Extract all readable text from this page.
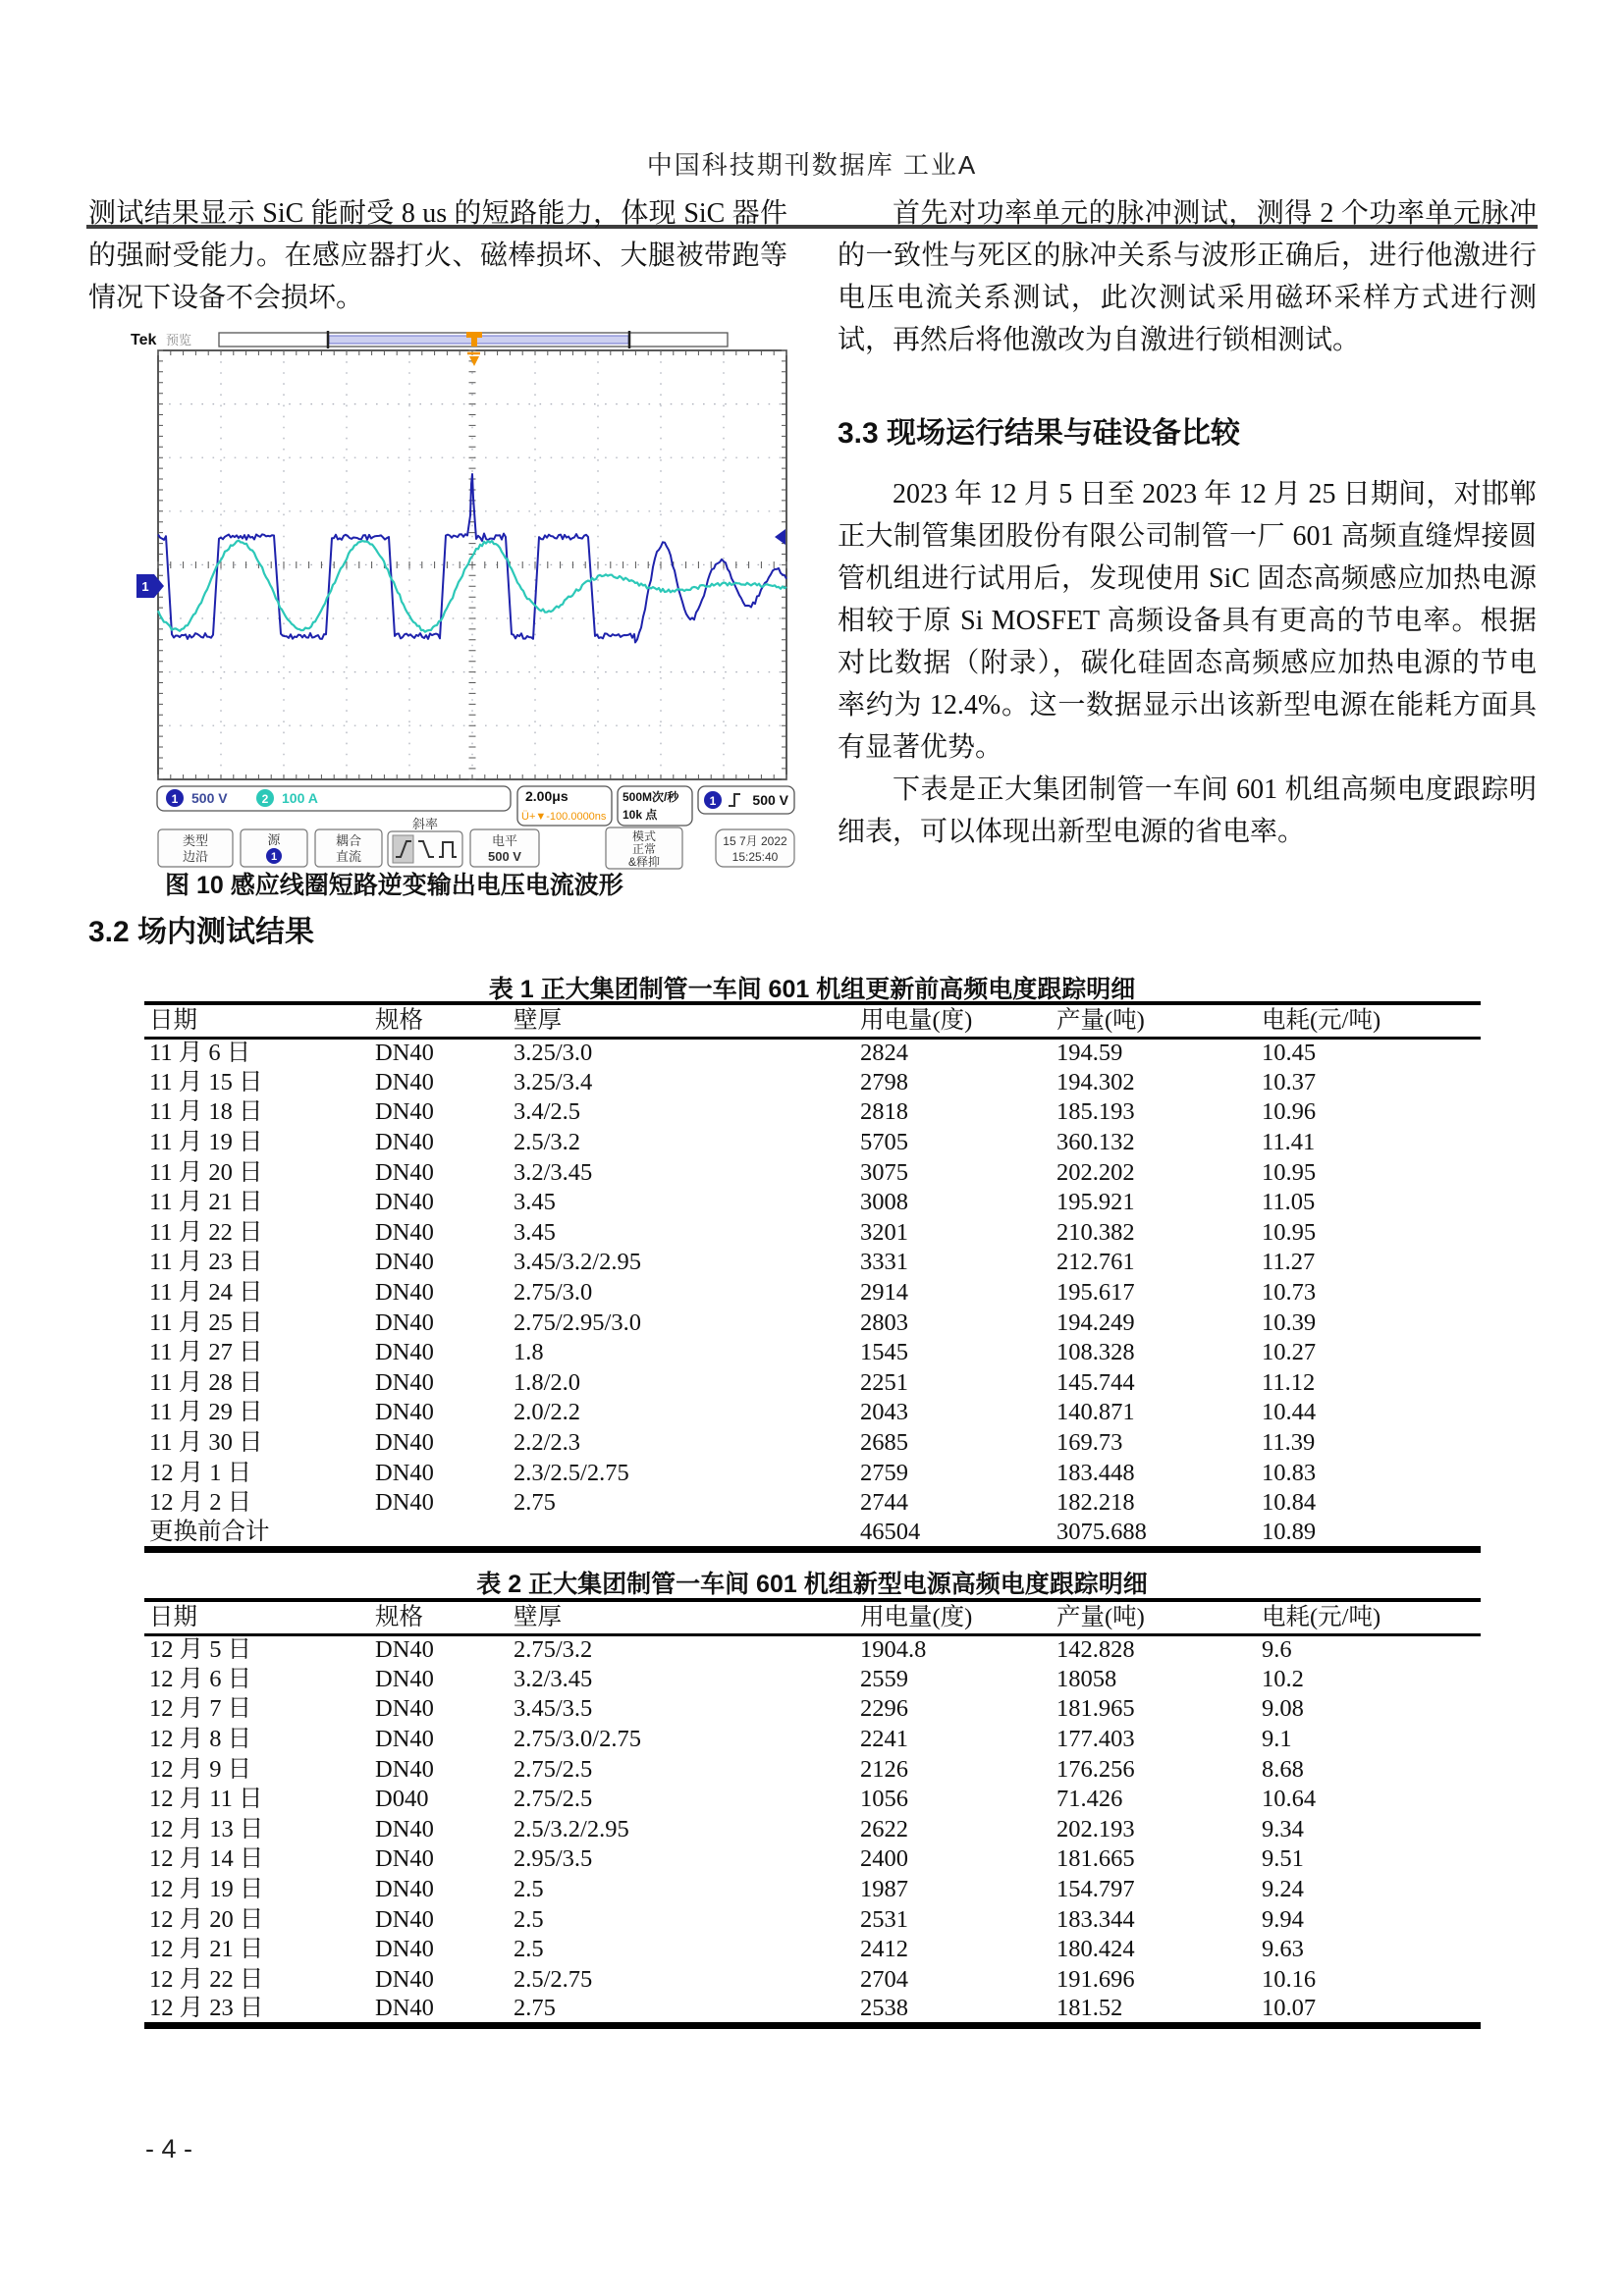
中国科技期刊数据库 工业A

测试结果显示 SiC 能耐受 8 us 的短路能力，体现 SiC 器件的强耐受能力。在感应器打火、磁棒损坏、大腿被带跑等情况下设备不会损坏。

首先对功率单元的脉冲测试，测得 2 个功率单元脉冲的一致性与死区的脉冲关系与波形正确后，进行他激进行电压电流关系测试，此次测试采用磁环采样方式进行测试，再然后将他激改为自激进行锁相测试。

3.3 现场运行结果与硅设备比较

2023 年 12 月 5 日至 2023 年 12 月 25 日期间，对邯郸正大制管集团股份有限公司制管一厂 601 高频直缝焊接圆管机组进行试用后，发现使用 SiC 固态高频感应加热电源相较于原 Si MOSFET 高频设备具有更高的节电率。根据对比数据（附录），碳化硅固态高频感应加热电源的节电率约为 12.4%。这一数据显示出该新型电源在能耗方面具有显著优势。

下表是正大集团制管一车间 601 机组高频电度跟踪明细表，可以体现出新型电源的省电率。

Tek 预览
1
1 500 V	2 100 A	2.00μs
Ü+▼-100.0000ns
500M次/秒
10k 点
1	500 V
类型
边沿
源
1
耦合
直流
斜率
电平
500 V
模式
正常
&释抑
15 7月 2022
15:25:40
图 10 感应线圈短路逆变输出电压电流波形
3.2 场内测试结果
表 1 正大集团制管一车间 601 机组更新前高频电度跟踪明细
日期	规格	壁厚	用电量(度)	产量(吨)	电耗(元/吨)
11 月 6 日	DN40	3.25/3.0	2824	194.59	10.45
11 月 15 日	DN40	3.25/3.4	2798	194.302	10.37
11 月 18 日	DN40	3.4/2.5	2818	185.193	10.96
11 月 19 日	DN40	2.5/3.2	5705	360.132	11.41
11 月 20 日	DN40	3.2/3.45	3075	202.202	10.95
11 月 21 日	DN40	3.45	3008	195.921	11.05
11 月 22 日	DN40	3.45	3201	210.382	10.95
11 月 23 日	DN40	3.45/3.2/2.95	3331	212.761	11.27
11 月 24 日	DN40	2.75/3.0	2914	195.617	10.73
11 月 25 日	DN40	2.75/2.95/3.0	2803	194.249	10.39
11 月 27 日	DN40	1.8	1545	108.328	10.27
11 月 28 日	DN40	1.8/2.0	2251	145.744	11.12
11 月 29 日	DN40	2.0/2.2	2043	140.871	10.44
11 月 30 日	DN40	2.2/2.3	2685	169.73	11.39
12 月 1 日	DN40	2.3/2.5/2.75	2759	183.448	10.83
12 月 2 日	DN40	2.75	2744	182.218	10.84
更换前合计			46504	3075.688	10.89
表 2 正大集团制管一车间 601 机组新型电源高频电度跟踪明细
日期	规格	壁厚	用电量(度)	产量(吨)	电耗(元/吨)
12 月 5 日	DN40	2.75/3.2	1904.8	142.828	9.6
12 月 6 日	DN40	3.2/3.45	2559	18058	10.2
12 月 7 日	DN40	3.45/3.5	2296	181.965	9.08
12 月 8 日	DN40	2.75/3.0/2.75	2241	177.403	9.1
12 月 9 日	DN40	2.75/2.5	2126	176.256	8.68
12 月 11 日	D040	2.75/2.5	1056	71.426	10.64
12 月 13 日	DN40	2.5/3.2/2.95	2622	202.193	9.34
12 月 14 日	DN40	2.95/3.5	2400	181.665	9.51
12 月 19 日	DN40	2.5	1987	154.797	9.24
12 月 20 日	DN40	2.5	2531	183.344	9.94
12 月 21 日	DN40	2.5	2412	180.424	9.63
12 月 22 日	DN40	2.5/2.75	2704	191.696	10.16
12 月 23 日	DN40	2.75	2538	181.52	10.07
- 4 -
